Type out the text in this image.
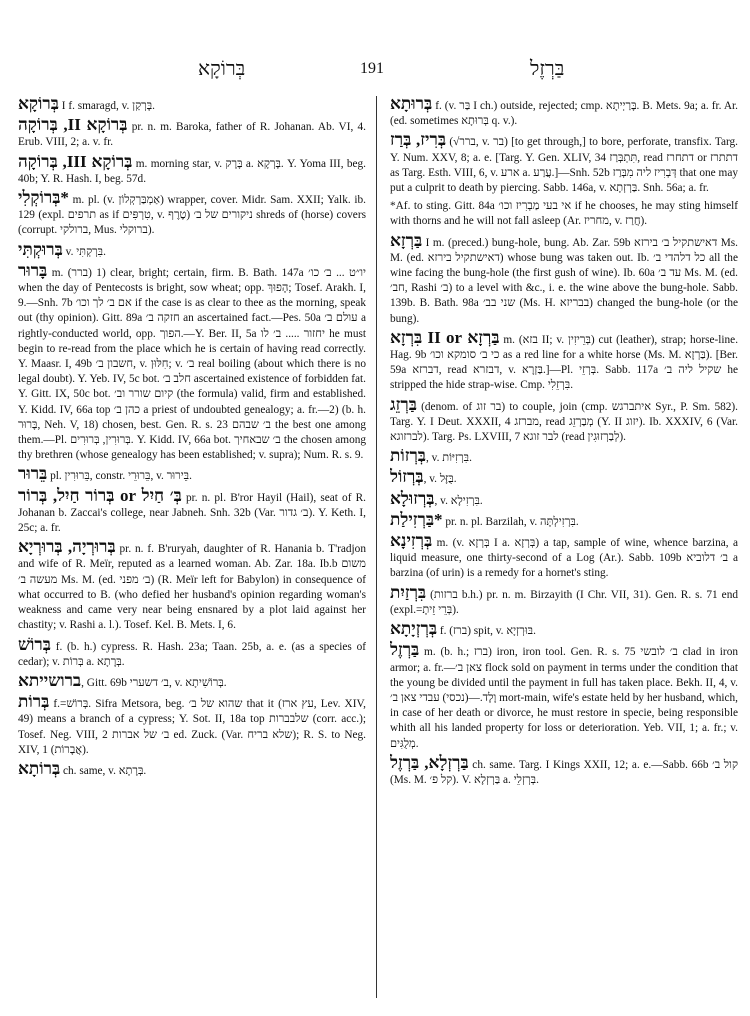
בְּרוֹקָא	191	בַּרְזֶל

בְּרוֹקָא I f. smaragd, v. בָּרְקַן.

בְּרוֹקָא II, בְּרוֹקָה pr. n. m. Baroka, father of R. Johanan. Ab. VI, 4. Erub. VIII, 2; a. v. fr.

בְּרוֹקָא III, בְּרוֹקָה m. morning star, v. בָּרָק a. בָּרְקָא. Y. Yoma III, beg. 40b; Y. R. Hash. I, beg. 57d.

*בְּרוֹקְלִי m. pl. (v. אַמְבַּרְקְלוֹן) wrapper, cover. Midr. Sam. XXII; Yalk. ib. 129 (expl. תרפים as if טִרְפִּים, v. טֶרֶף) ניקורים של ב׳ shreds of (horse) covers (corrupt. ברולקי, Mus. ברוקלי).

בְּרוּקְתִּי v. בִּרְקְתִּי.

בָּרוּר m. (ברר) 1) clear, bright; certain, firm. B. Bath. 147a יו״ט ... ב׳ כו׳ when the day of Pentecosts is bright, sow wheat; opp. הָפוּךְ; Tosef. Arakh. I, 9.—Snh. 7b אם ב׳ לך וכו׳ if the case is as clear to thee as the morning, speak out (thy opinion). Gitt. 89a חזקה ב׳ an ascertained fact.—Pes. 50a עולם ב׳ a rightly-conducted world, opp. הפוך.—Y. Ber. II, 5a יחזור ..... ב׳ לו he must begin to re-read from the place which he is certain of having read correctly. Y. Maasr. I, 49b חשבון ב׳, v. חִלּוּן; v. ב׳ real boiling (about which there is no legal doubt). Y. Yeb. IV, 5c bot. חלב ב׳ ascertained existence of forbidden fat. Y. Gitt. IX, 50c bot. קיום שורר וב׳ (the formula) valid, firm and established. Y. Kidd. IV, 66a top כהן ב׳ a priest of undoubted genealogy; a. fr.—2) (b. h. בָּרוּר, Neh. V, 18) chosen, best. Gen. R. s. 23 ב׳ שבהם the best one among them.—Pl. בְּרוּרִין, בְּרוּרִים. Y. Kidd. IV, 66a bot. ב׳ שבאחיך the chosen among thy brethren (whose genealogy has been established; v. supra); Num. R. s. 9.

בֵּרוּר pl. בֵּרוּרִין, constr. בֵּרוּרֵי, v. בֵּירוּר.

בְּ׳ חַיִל or בְּרוֹר חַיִל, בְּרוֹר pr. n. pl. B'ror Hayil (Hail), seat of R. Johanan b. Zaccai's college, near Jabneh. Snh. 32b (Var. ב׳ גדור). Y. Keth. I, 25c; a. fr.

בְּרוּרְיָה, בְּרוּרְיָא pr. n. f. B'ruryah, daughter of R. Hanania b. T'radjon and wife of R. Meïr, reputed as a learned woman. Ab. Zar. 18a. Ib.b משום מעשה ב׳ Ms. M. (ed. ב׳ מפני) (R. Meïr left for Babylon) in consequence of what occurred to B. (who defied her husband's opinion regarding woman's weakness and came very near being ensnared by a plot laid against her chastity; v. Rashi a. l.). Tosef. Kel. B. Mets. I, 6.

בְּרוֹשׁ f. (b. h.) cypress. R. Hash. 23a; Taan. 25b, a. e. (as a species of cedar); v. בְּרוֹת a. בְּרָתָא.

ברושייתא, Gitt. 69b ב׳ דשערי, v. בְּרוֹשִׁיתָא.

בְּרוֹת f.=בְּרוֹשׁ. Sifra Metsora, beg. שהוא של ב׳ that it (עץ ארז, Lev. XIV, 49) means a branch of a cypress; Y. Sot. II, 18a top שלבברות (corr. acc.); Tosef. Neg. VIII, 2 ב׳ של אברות ed. Zuck. (Var. שלא בריח); R. S. to Neg. XIV, 1 (אֲבָרוֹת).

בְּרוֹתָא ch. same, v. בְּרָתָא.

בְּרוּתָא f. (v. בַּר I ch.) outside, rejected; cmp. בָּרַיְיתָא. B. Mets. 9a; a. fr. Ar. (ed. sometimes בְּרוּתָא q. v.).

בְּרִיז, בְּרַז (√ברר, v. בר) [to get through,] to bore, perforate, transfix. Targ. Y. Num. XXV, 8; a. e. [Targ. Y. Gen. XLIV, 34 תִּתְבְּרַז, read דתחרז or דתתרז as Targ. Esth. VIII, 6, v. ארע a. עֲרַע.]—Snh. 52b דְּבְרִיז ליה מִבְּרַז that one may put a culprit to death by piercing. Sabb. 146a, v. בַּרְזְתָא. Snh. 56a; a. fr.

*Af. to sting. Gitt. 84a אי בעי מַבְרִיז וכו׳ if he chooses, he may sting himself with thorns and he will not fall asleep (Ar. מחריז, v. חֲרַז).

בַּרְזָא I m. (preced.) bung-hole, bung. Ab. Zar. 59b דאישתקיל ב׳ בירזא Ms. M. (ed. דאישתקיל בירזא) whose bung was taken out. Ib. כל דלהדי ב׳ all the wine facing the bung-hole (the first gush of wine). Ib. 60a עד ב׳ Ms. M. (ed. חב׳, Rashi ב׳) to a level with &c., i. e. the wine above the bung-hole. Sabb. 139b. B. Bath. 98a שני בב׳ (Ms. H. בבריזא) changed the bung-hole (or the bung).

בַּרְזָא II or בִּרְזָא m. (בזא II; v. בְּרֵיזִין) cut (leather), strap; horse-line. Hag. 9b כי ב׳ סומקא וכו׳ as a red line for a white horse (Ms. M. בַּרְזָא). [Ber. 59a דברזא, read דבזרא, v. בַּזְרָא.]—Pl. בְּרְזֵי. Sabb. 117a שקיל ליה ב׳ he stripped the hide strap-wise. Cmp. בִּרְזֵלִי.

בַּרְזֵג (denom. of בר זוג) to couple, join (cmp. איתברגש Syr., P. Sm. 582). Targ. Y. I Deut. XXXII, 4 מברזג, read מְבַרְזֵג (Y. II יזוג). Ib. XXXIV, 6 (Var. לברזוגא). Targ. Ps. LXVIII, 7 לבר זוגא (read לְבַרְזוּגִין).

בְּרְזוֹת, v. בִּרְזִיּוֹת.

בְּרְזוֹל, v. בֻּזָּל.

בְּרְזוּלָא, v. בִּרְזִילָא.

*בַּרְזִילַת pr. n. pl. Barzilah, v. בִּרְזִילְתָּה.

בְּרְזִינָא m. (v. בְּרְזָא I a. בְּרְזָא) a tap, sample of wine, whence barzina, a liquid measure, one thirty-second of a Log (Ar.). Sabb. 109b ב׳ דלוביא a barzina (of urin) is a remedy for a hornet's sting.

בִּרְזַיִת (ברזות b.h.) pr. n. m. Birzayith (I Chr. VII, 31). Gen. R. s. 71 end (expl.=בְּרֵי זֵיתָ).

בְּרְזְיָתָא f. (ברז) spit, v. בּוּרְזְיָא.

בַּרְזֶל m. (b. h.; ברז) iron, iron tool. Gen. R. s. 75 ב׳ לובשי clad in iron armor; a. fr.—צאן ב׳ flock sold on payment in terms under the condition that the young be divided until the payment in full has taken place. Bekh. II, 4, v. וָלָד.—(נכסי) עבדי צאן ב׳ mort-main, wife's estate held by her husband, which, in case of her death or divorce, he must restore in specie, being responsible whith all his landed property for loss or deterioration. Yeb. VII, 1; a. fr.; v. מְלֻגִּים.

בַּרְזְלָא, בַּרְזֶל ch. same. Targ. I Kings XXII, 12; a. e.—Sabb. 66b קול ב׳ (Ms. M. קל פ׳). V. בַּרְזְלָא a. בְּרְזְלֵי.
